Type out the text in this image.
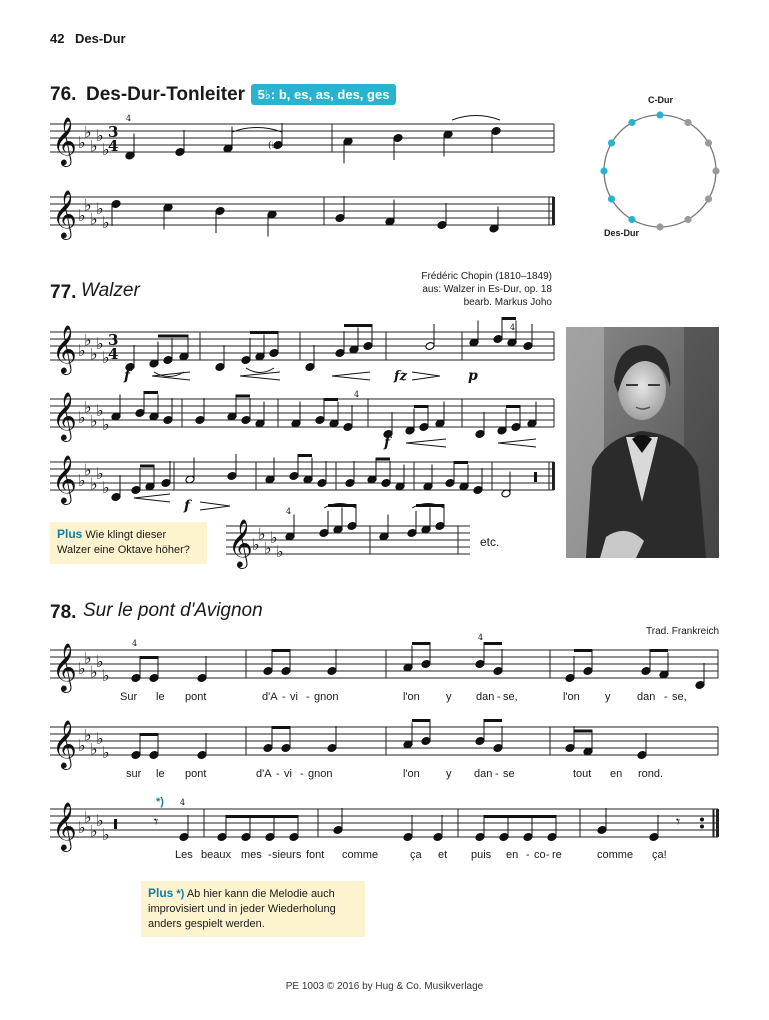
42 Des-Dur
76. Des-Dur-Tonleiter 5♭: b, es, as, des, ges	C-Dur
Des-Dur
𝄞 ♭
♭
♭
♭
♭
3
4
4
(♭)
𝄞 ♭
♭
♭
♭
♭
77. Walzer
Frédéric Chopin (1810–1849)
aus: Walzer in Es-Dur, op. 18
bearb. Markus Joho
𝄞 ♭
♭
♭
♭
♭
3
4
f	fz	p
4
𝄞 ♭
♭
♭
♭
♭
f
4
𝄞 ♭
♭
♭
♭
♭
f
Plus Wie klingt dieser Walzer eine Oktave höher? 𝄞 ♭
♭
♭
♭
♭
4
etc.
78. Sur le pont d'Avignon
Trad. Frankreich
𝄞 ♭
♭
♭
♭
♭
4
4
𝄞 ♭
♭
♭
♭
♭
𝄞 ♭
♭
♭
♭
♭
𝄾	𝄾
4
Sur le pont	d'A - vi - gnon	l'on y dan - se,	l'on y dan - se,
sur le pont	d'A - vi - gnon	l'on y dan - se	tout en rond.
Les beaux mes - sieurs font comme	ça et puis en - co - re	comme ça!
*)
Plus *) Ab hier kann die Melodie auch improvisiert und in jeder Wiederholung anders gespielt werden.
PE 1003 © 2016 by Hug & Co. Musikverlage
